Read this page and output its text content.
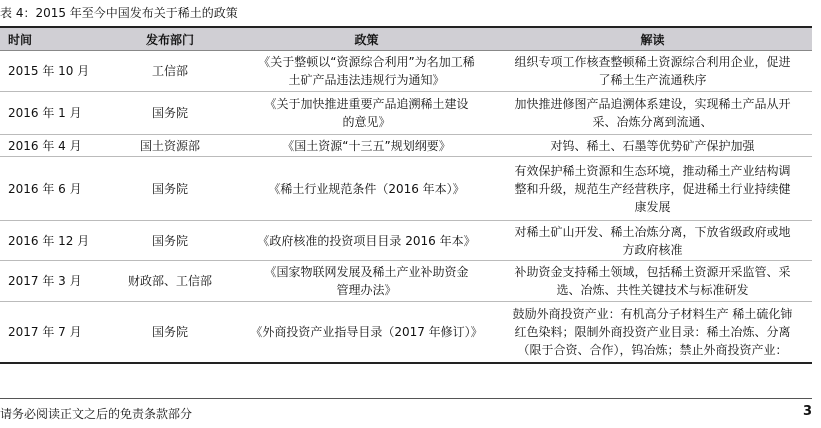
表 4：2015 年至今中国发布关于稀土的政策
时间	发布部门	政策	解读
2015 年 10 月	工信部	《关于整顿以“资源综合利用”为名加工稀
土矿产品违法违规行为通知》	组织专项工作核查整顿稀土资源综合利用企业，促进
了稀土生产流通秩序
2016 年 1 月	国务院	《关于加快推进重要产品追溯稀土建设
的意见》	加快推进修图产品追溯体系建设，实现稀土产品从开
采、冶炼分离到流通、
2016 年 4 月	国土资源部	《国土资源“十三五”规划纲要》	对钨、稀土、石墨等优势矿产保护加强
2016 年 6 月	国务院	《稀土行业规范条件（2016 年本）》	有效保护稀土资源和生态环境，推动稀土产业结构调
整和升级，规范生产经营秩序，促进稀土行业持续健
康发展
2016 年 12 月	国务院	《政府核准的投资项目目录 2016 年本》	对稀土矿山开发、稀土冶炼分离，下放省级政府或地
方政府核准
2017 年 3 月	财政部、工信部	《国家物联网发展及稀土产业补助资金
管理办法》	补助资金支持稀土领域，包括稀土资源开采监管、采
选、冶炼、共性关键技术与标准研发
2017 年 7 月	国务院	《外商投资产业指导目录（2017 年修订）》	鼓励外商投资产业：有机高分子材料生产 稀土硫化铈
红色染料；限制外商投资产业目录：稀土冶炼、分离
（限于合资、合作），钨冶炼；禁止外商投资产业：
请务必阅读正文之后的免责条款部分	3
